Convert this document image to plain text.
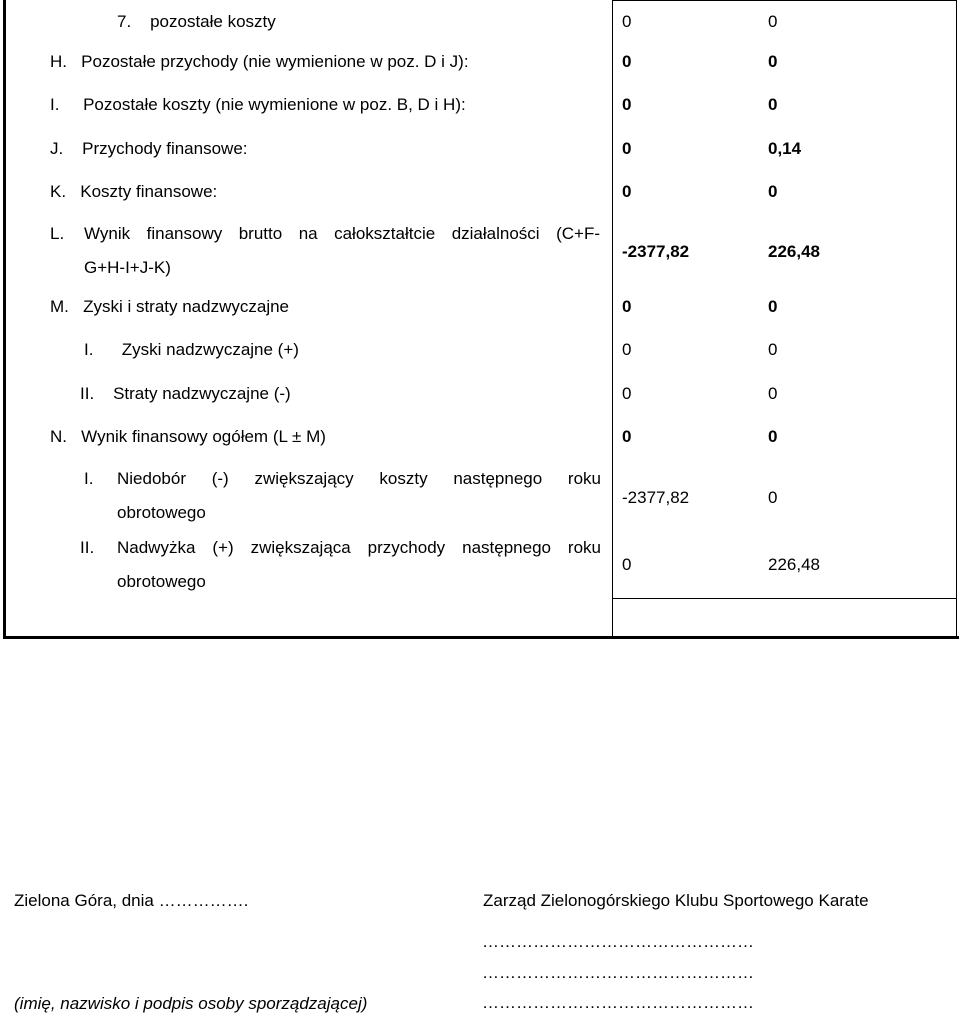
7. pozostałe koszty	0	0
H. Pozostałe przychody (nie wymienione w poz. D i J):	0	0
I. Pozostałe koszty (nie wymienione w poz. B, D i H):	0	0
J. Przychody finansowe:	0	0,14
K. Koszty finansowe:	0	0
L. Wynik finansowy brutto na całokształtcie działalności (C+F-
G+H-I+J-K)
-2377,82	226,48
M. Zyski i straty nadzwyczajne	0	0
I. Zyski nadzwyczajne (+)	0	0
II. Straty nadzwyczajne (-)	0	0
N. Wynik finansowy ogółem (L ± M)	0	0
I. Niedobór (-) zwiększający koszty następnego roku
obrotowego
-2377,82	0
II. Nadwyżka (+) zwiększająca przychody następnego roku
obrotowego
0	226,48
Zielona Góra, dnia …………….	Zarząd Zielonogórskiego Klubu Sportowego Karate
…………………………………………
…………………………………………
…………………………………………
(imię, nazwisko i podpis osoby sporządzającej)
